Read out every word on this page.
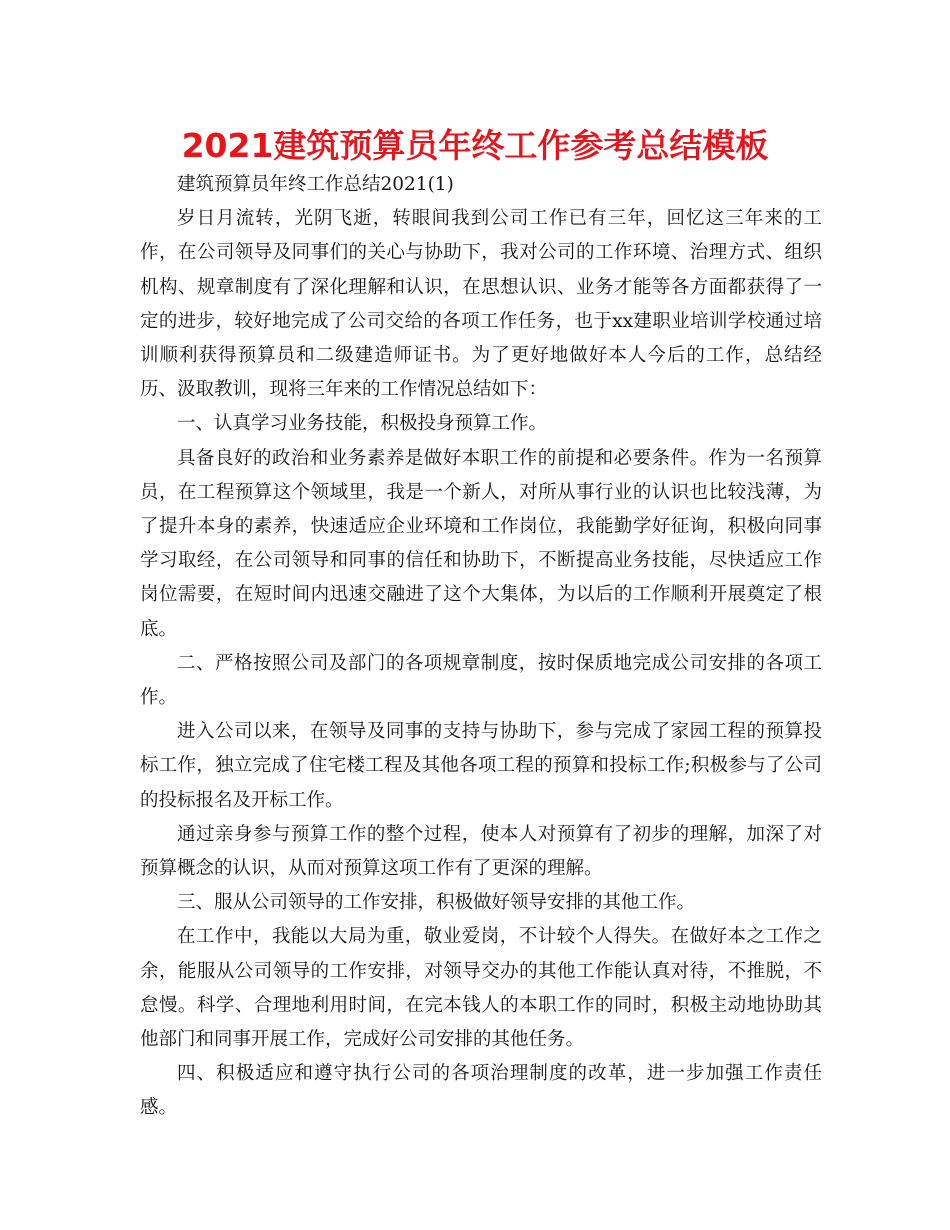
2021建筑预算员年终工作参考总结模板

建筑预算员年终工作总结2021(1)

岁日月流转，光阴飞逝，转眼间我到公司工作已有三年，回忆这三年来的工作，在公司领导及同事们的关心与协助下，我对公司的工作环境、治理方式、组织机构、规章制度有了深化理解和认识，在思想认识、业务才能等各方面都获得了一定的进步，较好地完成了公司交给的各项工作任务，也于xx建职业培训学校通过培训顺利获得预算员和二级建造师证书。为了更好地做好本人今后的工作，总结经历、汲取教训，现将三年来的工作情况总结如下：

一、认真学习业务技能，积极投身预算工作。

具备良好的政治和业务素养是做好本职工作的前提和必要条件。作为一名预算员，在工程预算这个领域里，我是一个新人，对所从事行业的认识也比较浅薄，为了提升本身的素养，快速适应企业环境和工作岗位，我能勤学好征询，积极向同事学习取经，在公司领导和同事的信任和协助下，不断提高业务技能，尽快适应工作岗位需要，在短时间内迅速交融进了这个大集体，为以后的工作顺利开展奠定了根底。

二、严格按照公司及部门的各项规章制度，按时保质地完成公司安排的各项工作。

进入公司以来，在领导及同事的支持与协助下，参与完成了家园工程的预算投标工作，独立完成了住宅楼工程及其他各项工程的预算和投标工作;积极参与了公司的投标报名及开标工作。

通过亲身参与预算工作的整个过程，使本人对预算有了初步的理解，加深了对预算概念的认识，从而对预算这项工作有了更深的理解。

三、服从公司领导的工作安排，积极做好领导安排的其他工作。

在工作中，我能以大局为重，敬业爱岗，不计较个人得失。在做好本之工作之余，能服从公司领导的工作安排，对领导交办的其他工作能认真对待，不推脱，不怠慢。科学、合理地利用时间，在完本钱人的本职工作的同时，积极主动地协助其他部门和同事开展工作，完成好公司安排的其他任务。

四、积极适应和遵守执行公司的各项治理制度的改革，进一步加强工作责任感。
